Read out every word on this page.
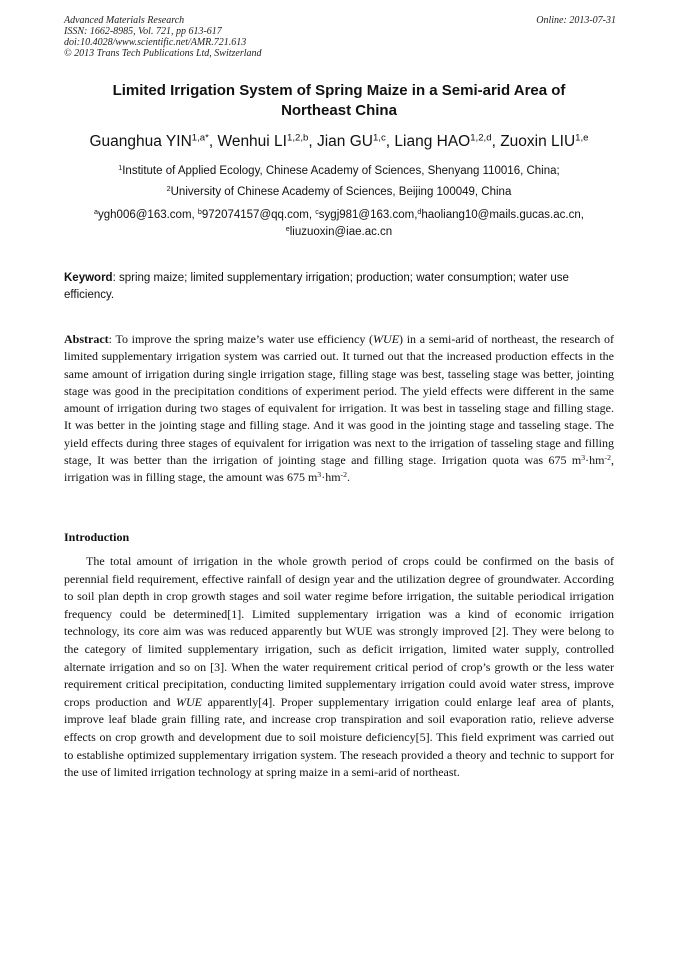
Advanced Materials Research
ISSN: 1662-8985, Vol. 721, pp 613-617
doi:10.4028/www.scientific.net/AMR.721.613
© 2013 Trans Tech Publications Ltd, Switzerland
Online: 2013-07-31
Limited Irrigation System of Spring Maize in a Semi-arid Area of
Northeast China
Guanghua $YIN^{1,a*}$, Wenhui LI$^{1,2,b}$, Jian GU$^{1,c}$, Liang HAO$^{1,2,d}$, Zuoxin LIU$^{1,e}$
$^1$Institute of Applied Ecology, Chinese Academy of Sciences, Shenyang 110016, China;
$^2$University of Chinese Academy of Sciences, Beijing 100049, China
$^a$ygh006@163.com, $^b$972074157@qq.com, $^c$sygj981@163.com,$^d$haoliang10@mails.gucas.ac.cn,
$^e$liuzuoxin@iae.ac.cn
Keyword: spring maize; limited supplementary irrigation; production; water consumption; water use efficiency.
Abstract: To improve the spring maize’s water use efficiency (WUE) in a semi-arid of northeast, the research of limited supplementary irrigation system was carried out. It turned out that the increased production effects in the same amount of irrigation during single irrigation stage, filling stage was best, tasseling stage was better, jointing stage was good in the precipitation conditions of experiment period. The yield effects were different in the same amount of irrigation during two stages of equivalent for irrigation. It was best in tasseling stage and filling stage. It was better in the jointing stage and filling stage. And it was good in the jointing stage and tasseling stage. The yield effects during three stages of equivalent for irrigation was next to the irrigation of tasseling stage and filling stage, It was better than the irrigation of jointing stage and filling stage. Irrigation quota was 675 $m^3\cdot hm^{-2}$, irrigation was in filling stage, the amount was 675 $m^3\cdot hm^{-2}$.
Introduction
The total amount of irrigation in the whole growth period of crops could be confirmed on the basis of perennial field requirement, effective rainfall of design year and the utilization degree of groundwater. According to soil plan depth in crop growth stages and soil water regime before irrigation, the suitable periodical irrigation frequency could be determined[1]. Limited supplementary irrigation was a kind of economic irrigation technology, its core aim was was reduced apparently but WUE was strongly improved [2]. They were belong to the category of limited supplementary irrigation, such as deficit irrigation, limited water supply, controlled alternate irrigation and so on [3]. When the water requirement critical period of crop’s growth or the less water requirement critical precipitation, conducting limited supplementary irrigation could avoid water stress, improve crops production and WUE apparently[4]. Proper supplementary irrigation could enlarge leaf area of plants, improve leaf blade grain filling rate, and increase crop transpiration and soil evaporation ratio, relieve adverse effects on crop growth and development due to soil moisture deficiency[5]. This field expriment was carried out to establishe optimized supplementary irrigation system. The reseach provided a theory and technic to support for the use of limited irrigation technology at spring maize in a semi-arid of northeast.
